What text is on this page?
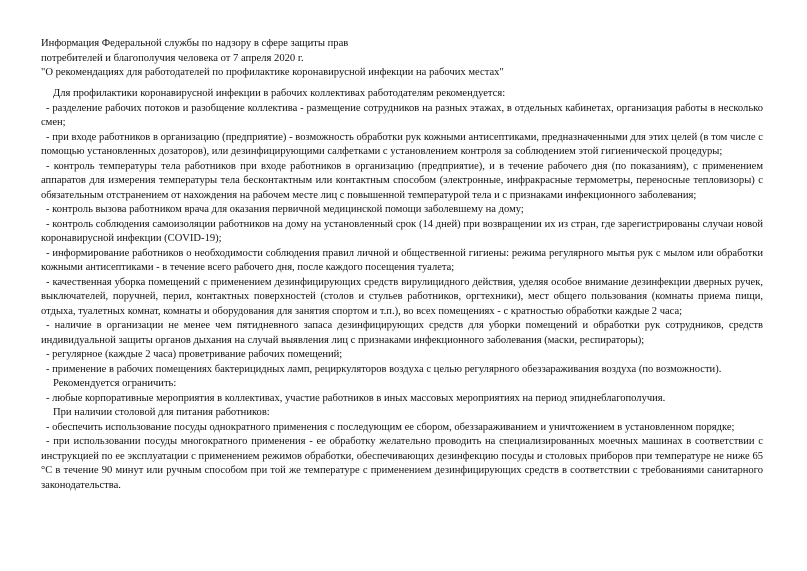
Информация Федеральной службы по надзору в сфере защиты прав

потребителей и благополучия человека от 7 апреля 2020 г.

"О рекомендациях для работодателей по профилактике коронавирусной инфекции на рабочих местах"

Для профилактики коронавирусной инфекции в рабочих коллективах работодателям рекомендуется:

- разделение рабочих потоков и разобщение коллектива - размещение сотрудников на разных этажах, в отдельных кабинетах, организация работы в несколько смен;

- при входе работников в организацию (предприятие) - возможность обработки рук кожными антисептиками, предназначенными для этих целей (в том числе с помощью установленных дозаторов), или дезинфицирующими салфетками с установлением контроля за соблюдением этой гигиенической процедуры;

- контроль температуры тела работников при входе работников в организацию (предприятие), и в течение рабочего дня (по показаниям), с применением аппаратов для измерения температуры тела бесконтактным или контактным способом (электронные, инфракрасные термометры, переносные тепловизоры) с обязательным отстранением от нахождения на рабочем месте лиц с повышенной температурой тела и с признаками инфекционного заболевания;

- контроль вызова работником врача для оказания первичной медицинской помощи заболевшему на дому;

- контроль соблюдения самоизоляции работников на дому на установленный срок (14 дней) при возвращении их из стран, где зарегистрированы случаи новой коронавирусной инфекции (COVID-19);

- информирование работников о необходимости соблюдения правил личной и общественной гигиены: режима регулярного мытья рук с мылом или обработки кожными антисептиками - в течение всего рабочего дня, после каждого посещения туалета;

- качественная уборка помещений с применением дезинфицирующих средств вирулицидного действия, уделяя особое внимание дезинфекции дверных ручек, выключателей, поручней, перил, контактных поверхностей (столов и стульев работников, оргтехники), мест общего пользования (комнаты приема пищи, отдыха, туалетных комнат, комнаты и оборудования для занятия спортом и т.п.), во всех помещениях - с кратностью обработки каждые 2 часа;

- наличие в организации не менее чем пятидневного запаса дезинфицирующих средств для уборки помещений и обработки рук сотрудников, средств индивидуальной защиты органов дыхания на случай выявления лиц с признаками инфекционного заболевания (маски, респираторы);

- регулярное (каждые 2 часа) проветривание рабочих помещений;

- применение в рабочих помещениях бактерицидных ламп, рециркуляторов воздуха с целью регулярного обеззараживания воздуха (по возможности).

Рекомендуется ограничить:

- любые корпоративные мероприятия в коллективах, участие работников в иных массовых мероприятиях на период эпиднеблагополучия.

При наличии столовой для питания работников:

- обеспечить использование посуды однократного применения с последующим ее сбором, обеззараживанием и уничтожением в установленном порядке;

- при использовании посуды многократного применения - ее обработку желательно проводить на специализированных моечных машинах в соответствии с инструкцией по ее эксплуатации с применением режимов обработки, обеспечивающих дезинфекцию посуды и столовых приборов при температуре не ниже 65 °С в течение 90 минут или ручным способом при той же температуре с применением дезинфицирующих средств в соответствии с требованиями санитарного законодательства.
